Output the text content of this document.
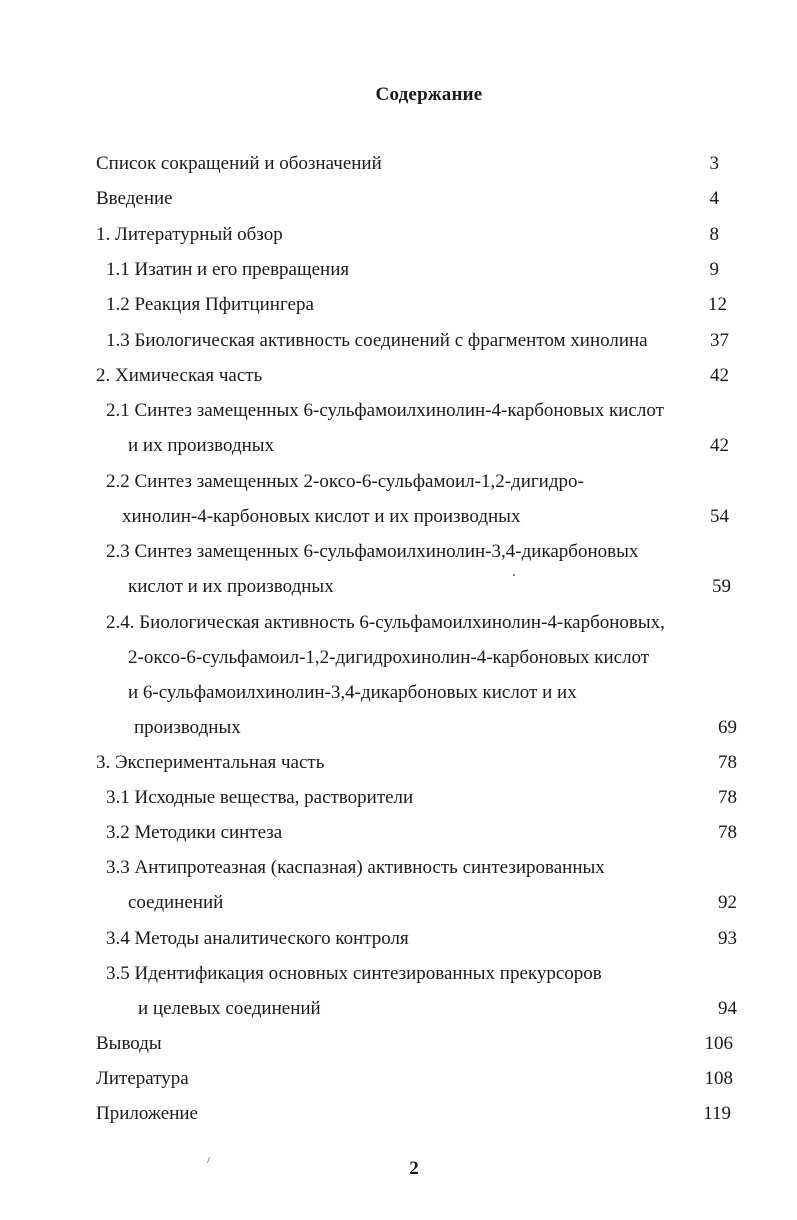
Содержание
Список сокращений и обозначений	3
Введение	4
1. Литературный обзор	8
1.1 Изатин и его превращения	9
1.2 Реакция Пфитцингера	12
1.3 Биологическая активность соединений с фрагментом хинолина	37
2. Химическая часть	42
2.1 Синтез замещенных 6-сульфамоилхинолин-4-карбоновых кислот
и их производных	42
2.2 Синтез замещенных 2-оксо-6-сульфамоил-1,2-дигидро-
хинолин-4-карбоновых кислот и их производных	54
2.3 Синтез замещенных 6-сульфамоилхинолин-3,4-дикарбоновых
кислот и их производных	59
2.4. Биологическая активность 6-сульфамоилхинолин-4-карбоновых,
2-оксо-6-сульфамоил-1,2-дигидрохинолин-4-карбоновых кислот
и 6-сульфамоилхинолин-3,4-дикарбоновых кислот и их
производных	69
3. Экспериментальная часть	78
3.1 Исходные вещества, растворители	78
3.2 Методики синтеза	78
3.3 Антипротеазная (каспазная) активность синтезированных
соединений	92
3.4 Методы аналитического контроля	93
3.5 Идентификация основных синтезированных прекурсоров
и целевых соединений	94
Выводы	106
Литература	108
Приложение	119
2
